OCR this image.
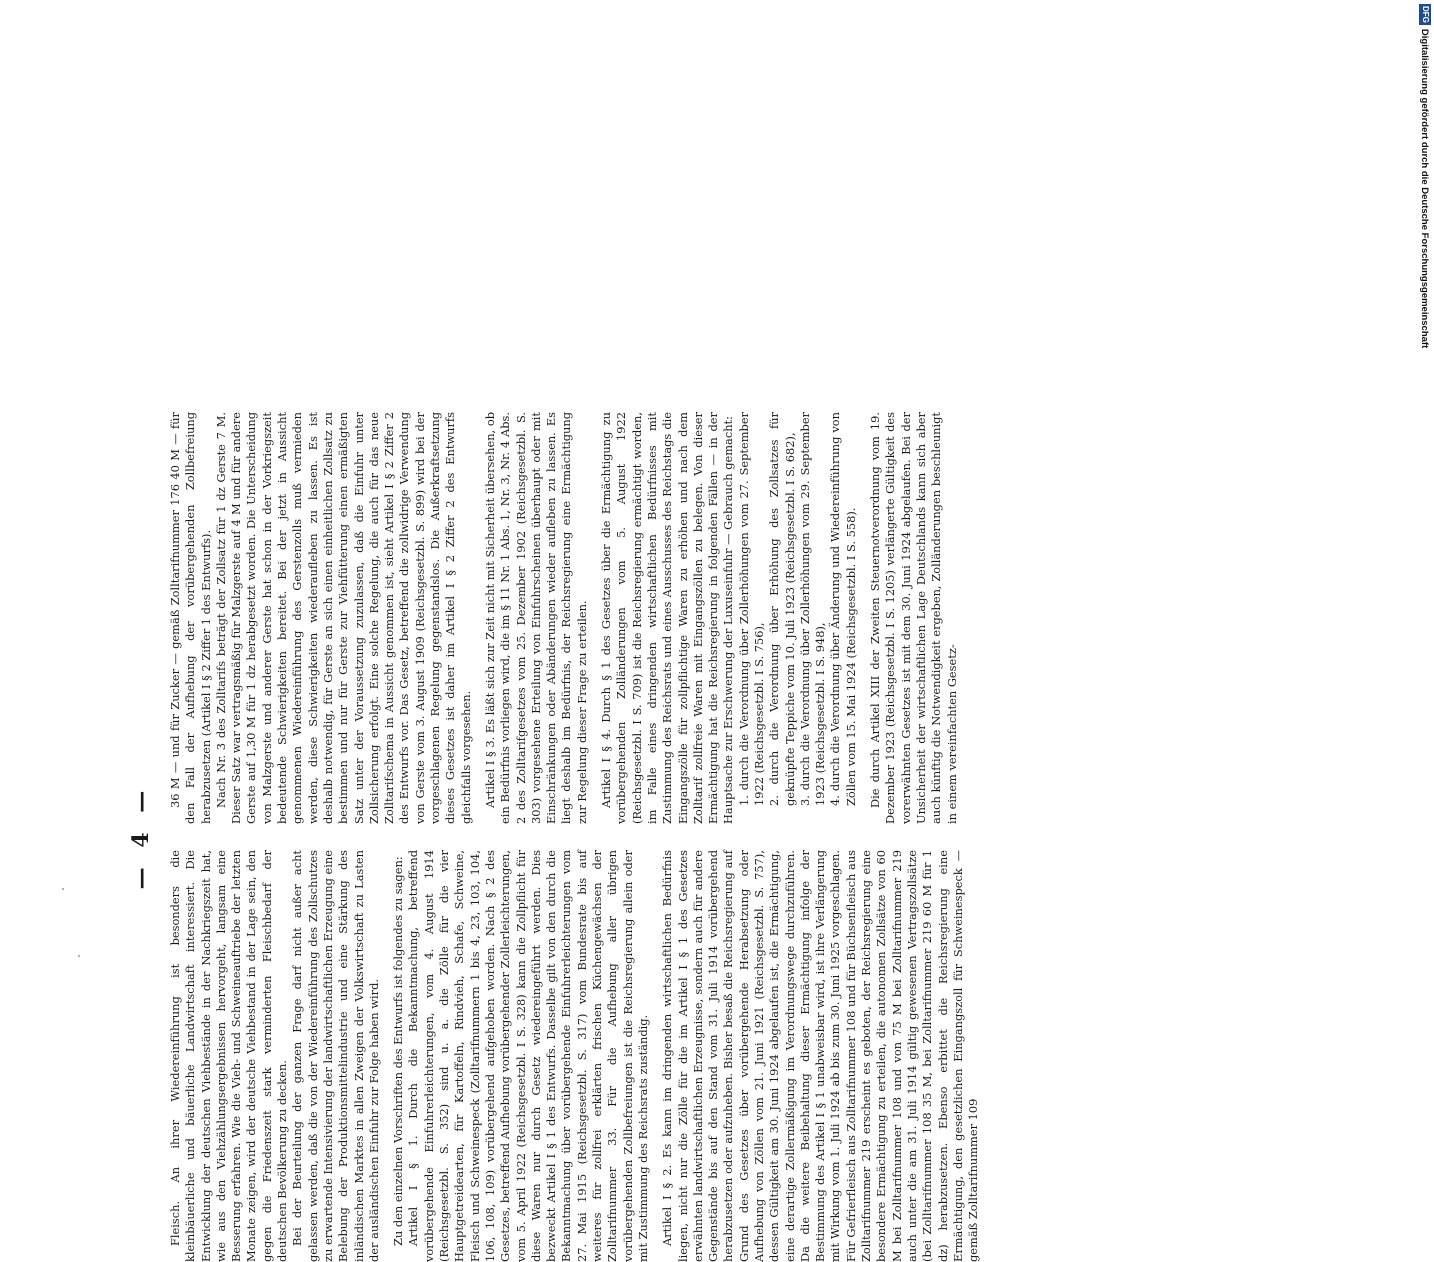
DFG
Digitalisierung gefördert durch die Deutsche Forschungsgemeinschaft
— 4 —

Fleisch. An ihrer Wiedereinführung ist besonders die kleinbäuerliche und bäuerliche Landwirtschaft interessiert. Die Entwicklung der deutschen Viehbestände in der Nachkriegszeit hat, wie aus den Viehzählungsergebnissen hervorgeht, langsam eine Besserung erfahren. Wie die Vieh- und Schweineauftriebe der letzten Monate zeigen, wird der deutsche Viehbestand in der Lage sein, den gegen die Friedenszeit stark verminderten Fleischbedarf der deutschen Bevölkerung zu decken. Bei der Beurteilung der ganzen Frage darf nicht außer acht gelassen werden, daß die von der Wiedereinführung des Zollschutzes zu erwartende Intensivierung der landwirtschaftlichen Erzeugung eine Belebung der Produktionsmittelindustrie und eine Stärkung des inländischen Marktes in allen Zweigen der Volkswirtschaft zu Lasten der ausländischen Einfuhr zur Folge haben wird. Zu den einzelnen Vorschriften des Entwurfs ist folgendes zu sagen: Artikel I § 1. Durch die Bekanntmachung, betreffend vorübergehende Einfuhrerleichterungen, vom 4. August 1914 (Reichsgesetzbl. S. 352) sind u. a. die Zölle für die vier Hauptgetreidearten, für Kartoffeln, Rindvieh, Schafe, Schweine, Fleisch und Schweinespeck (Zolltarifnummern 1 bis 4, 23, 103, 104, 106, 108, 109) vorübergehend aufgehoben worden. Nach § 2 des Gesetzes, betreffend Aufhebung vorübergehender Zollerleichterungen, vom 5. April 1922 (Reichsgesetzbl. I S. 328) kann die Zollpflicht für diese Waren nur durch Gesetz wiedereingeführt werden. Dies bezweckt Artikel I § 1 des Entwurfs. Dasselbe gilt von den durch die Bekanntmachung über vorübergehende Einfuhrerleichterungen vom 27. Mai 1915 (Reichsgesetzbl. S. 317) vom Bundesrate bis auf weiteres für zollfrei erklärten frischen Küchengewächsen der Zolltarifnummer 33. Für die Aufhebung aller übrigen vorübergehenden Zollbefreiungen ist die Reichsregierung allein oder mit Zustimmung des Reichsrats zuständig. Artikel I § 2. Es kann im dringenden wirtschaftlichen Bedürfnis liegen, nicht nur die Zölle für die im Artikel I § 1 des Gesetzes erwähnten landwirtschaftlichen Erzeugnisse, sondern auch für andere Gegenstände bis auf den Stand vom 31. Juli 1914 vorübergehend herabzusetzen oder aufzuheben. Bisher besaß die Reichsregierung auf Grund des Gesetzes über vorübergehende Herabsetzung oder Aufhebung von Zöllen vom 21. Juni 1921 (Reichsgesetzbl. S. 757), dessen Gültigkeit am 30. Juni 1924 abgelaufen ist, die Ermächtigung, eine derartige Zollermäßigung im Verordnungswege durchzuführen. Da die weitere Beibehaltung dieser Ermächtigung infolge der Bestimmung des Artikel I § 1 unabweisbar wird, ist ihre Verlängerung mit Wirkung vom 1. Juli 1924 ab bis zum 30. Juni 1925 vorgeschlagen. Für Gefrierfleisch aus Zolltarifnummer 108 und für Büchsenfleisch aus Zolltarifnummer 219 erscheint es geboten, der Reichsregierung eine besondere Ermächtigung zu erteilen, die autonomen Zollsätze von 60 M bei Zolltarifnummer 108 und von 75 M bei Zolltarifnummer 219 auch unter die am 31. Juli 1914 gültig gewesenen Vertragszollsätze (bei Zolltarifnummer 108 35 M, bei Zolltarifnummer 219 60 M für 1 dz) herabzusetzen. Ebenso erbittet die Reichsregierung eine Ermächtigung, den gesetzlichen Eingangszoll für Schweinespeck — gemäß Zolltarifnummer 109

36 M — und für Zucker — gemäß Zolltarifnummer 176 40 M — für den Fall der Aufhebung der vorübergehenden Zollbefreiung herabzusetzen (Artikel I § 2 Ziffer 1 des Entwurfs). Nach Nr. 3 des Zolltarifs beträgt der Zollsatz für 1 dz Gerste 7 M. Dieser Satz war vertragsmäßig für Malzgerste auf 4 M und für andere Gerste auf 1,30 M für 1 dz herabgesetzt worden. Die Unterscheidung von Malzgerste und anderer Gerste hat schon in der Vorkriegszeit bedeutende Schwierigkeiten bereitet. Bei der jetzt in Aussicht genommenen Wiedereinführung des Gerstenzolls muß vermieden werden, diese Schwierigkeiten wiederaufleben zu lassen. Es ist deshalb notwendig, für Gerste an sich einen einheitlichen Zollsatz zu bestimmen und nur für Gerste zur Viehfütterung einen ermäßigten Satz unter der Voraussetzung zuzulassen, daß die Einfuhr unter Zollsicherung erfolgt. Eine solche Regelung, die auch für das neue Zolltarifschema in Aussicht genommen ist, sieht Artikel I § 2 Ziffer 2 des Entwurfs vor. Das Gesetz, betreffend die zollwidrige Verwendung von Gerste vom 3. August 1909 (Reichsgesetzbl. S. 899) wird bei der vorgeschlagenen Regelung gegenstandslos. Die Außerkraftsetzung dieses Gesetzes ist daher im Artikel I § 2 Ziffer 2 des Entwurfs gleichfalls vorgesehen. Artikel I § 3. Es läßt sich zur Zeit nicht mit Sicherheit übersehen, ob ein Bedürfnis vorliegen wird, die im § 11 Nr. 1 Abs. 1, Nr. 3, Nr. 4 Abs. 2 des Zolltarifgesetzes vom 25. Dezember 1902 (Reichsgesetzbl. S. 303) vorgesehene Erteilung von Einfuhrscheinen überhaupt oder mit Einschränkungen oder Abänderungen wieder aufleben zu lassen. Es liegt deshalb im Bedürfnis, der Reichsregierung eine Ermächtigung zur Regelung dieser Frage zu erteilen. Artikel I § 4. Durch § 1 des Gesetzes über die Ermächtigung zu vorübergehenden Zolländerungen vom 5. August 1922 (Reichsgesetzbl. I S. 709) ist die Reichsregierung ermächtigt worden, im Falle eines dringenden wirtschaftlichen Bedürfnisses mit Zustimmung des Reichsrats und eines Ausschusses des Reichstags die Eingangszölle für zollpflichtige Waren zu erhöhen und nach dem Zolltarif zollfreie Waren mit Eingangszöllen zu belegen. Von dieser Ermächtigung hat die Reichsregierung in folgenden Fällen — in der Hauptsache zur Erschwerung der Luxuseinfuhr — Gebrauch gemacht: 1. durch die Verordnung über Zollerhöhungen vom 27. September 1922 (Reichsgesetzbl. I S. 756), 2. durch die Verordnung über Erhöhung des Zollsatzes für geknüpfte Teppiche vom 10. Juli 1923 (Reichsgesetzbl. I S. 682), 3. durch die Verordnung über Zollerhöhungen vom 29. September 1923 (Reichsgesetzbl. I S. 948), 4. durch die Verordnung über Änderung und Wiedereinführung von Zöllen vom 15. Mai 1924 (Reichsgesetzbl. I S. 558). Die durch Artikel XIII der Zweiten Steuernotverordnung vom 19. Dezember 1923 (Reichsgesetzbl. I S. 1205) verlängerte Gültigkeit des vorerwähnten Gesetzes ist mit dem 30. Juni 1924 abgelaufen. Bei der Unsicherheit der wirtschaftlichen Lage Deutschlands kann sich aber auch künftig die Notwendigkeit ergeben, Zolländerungen beschleunigt in einem vereinfachten Gesetz-
